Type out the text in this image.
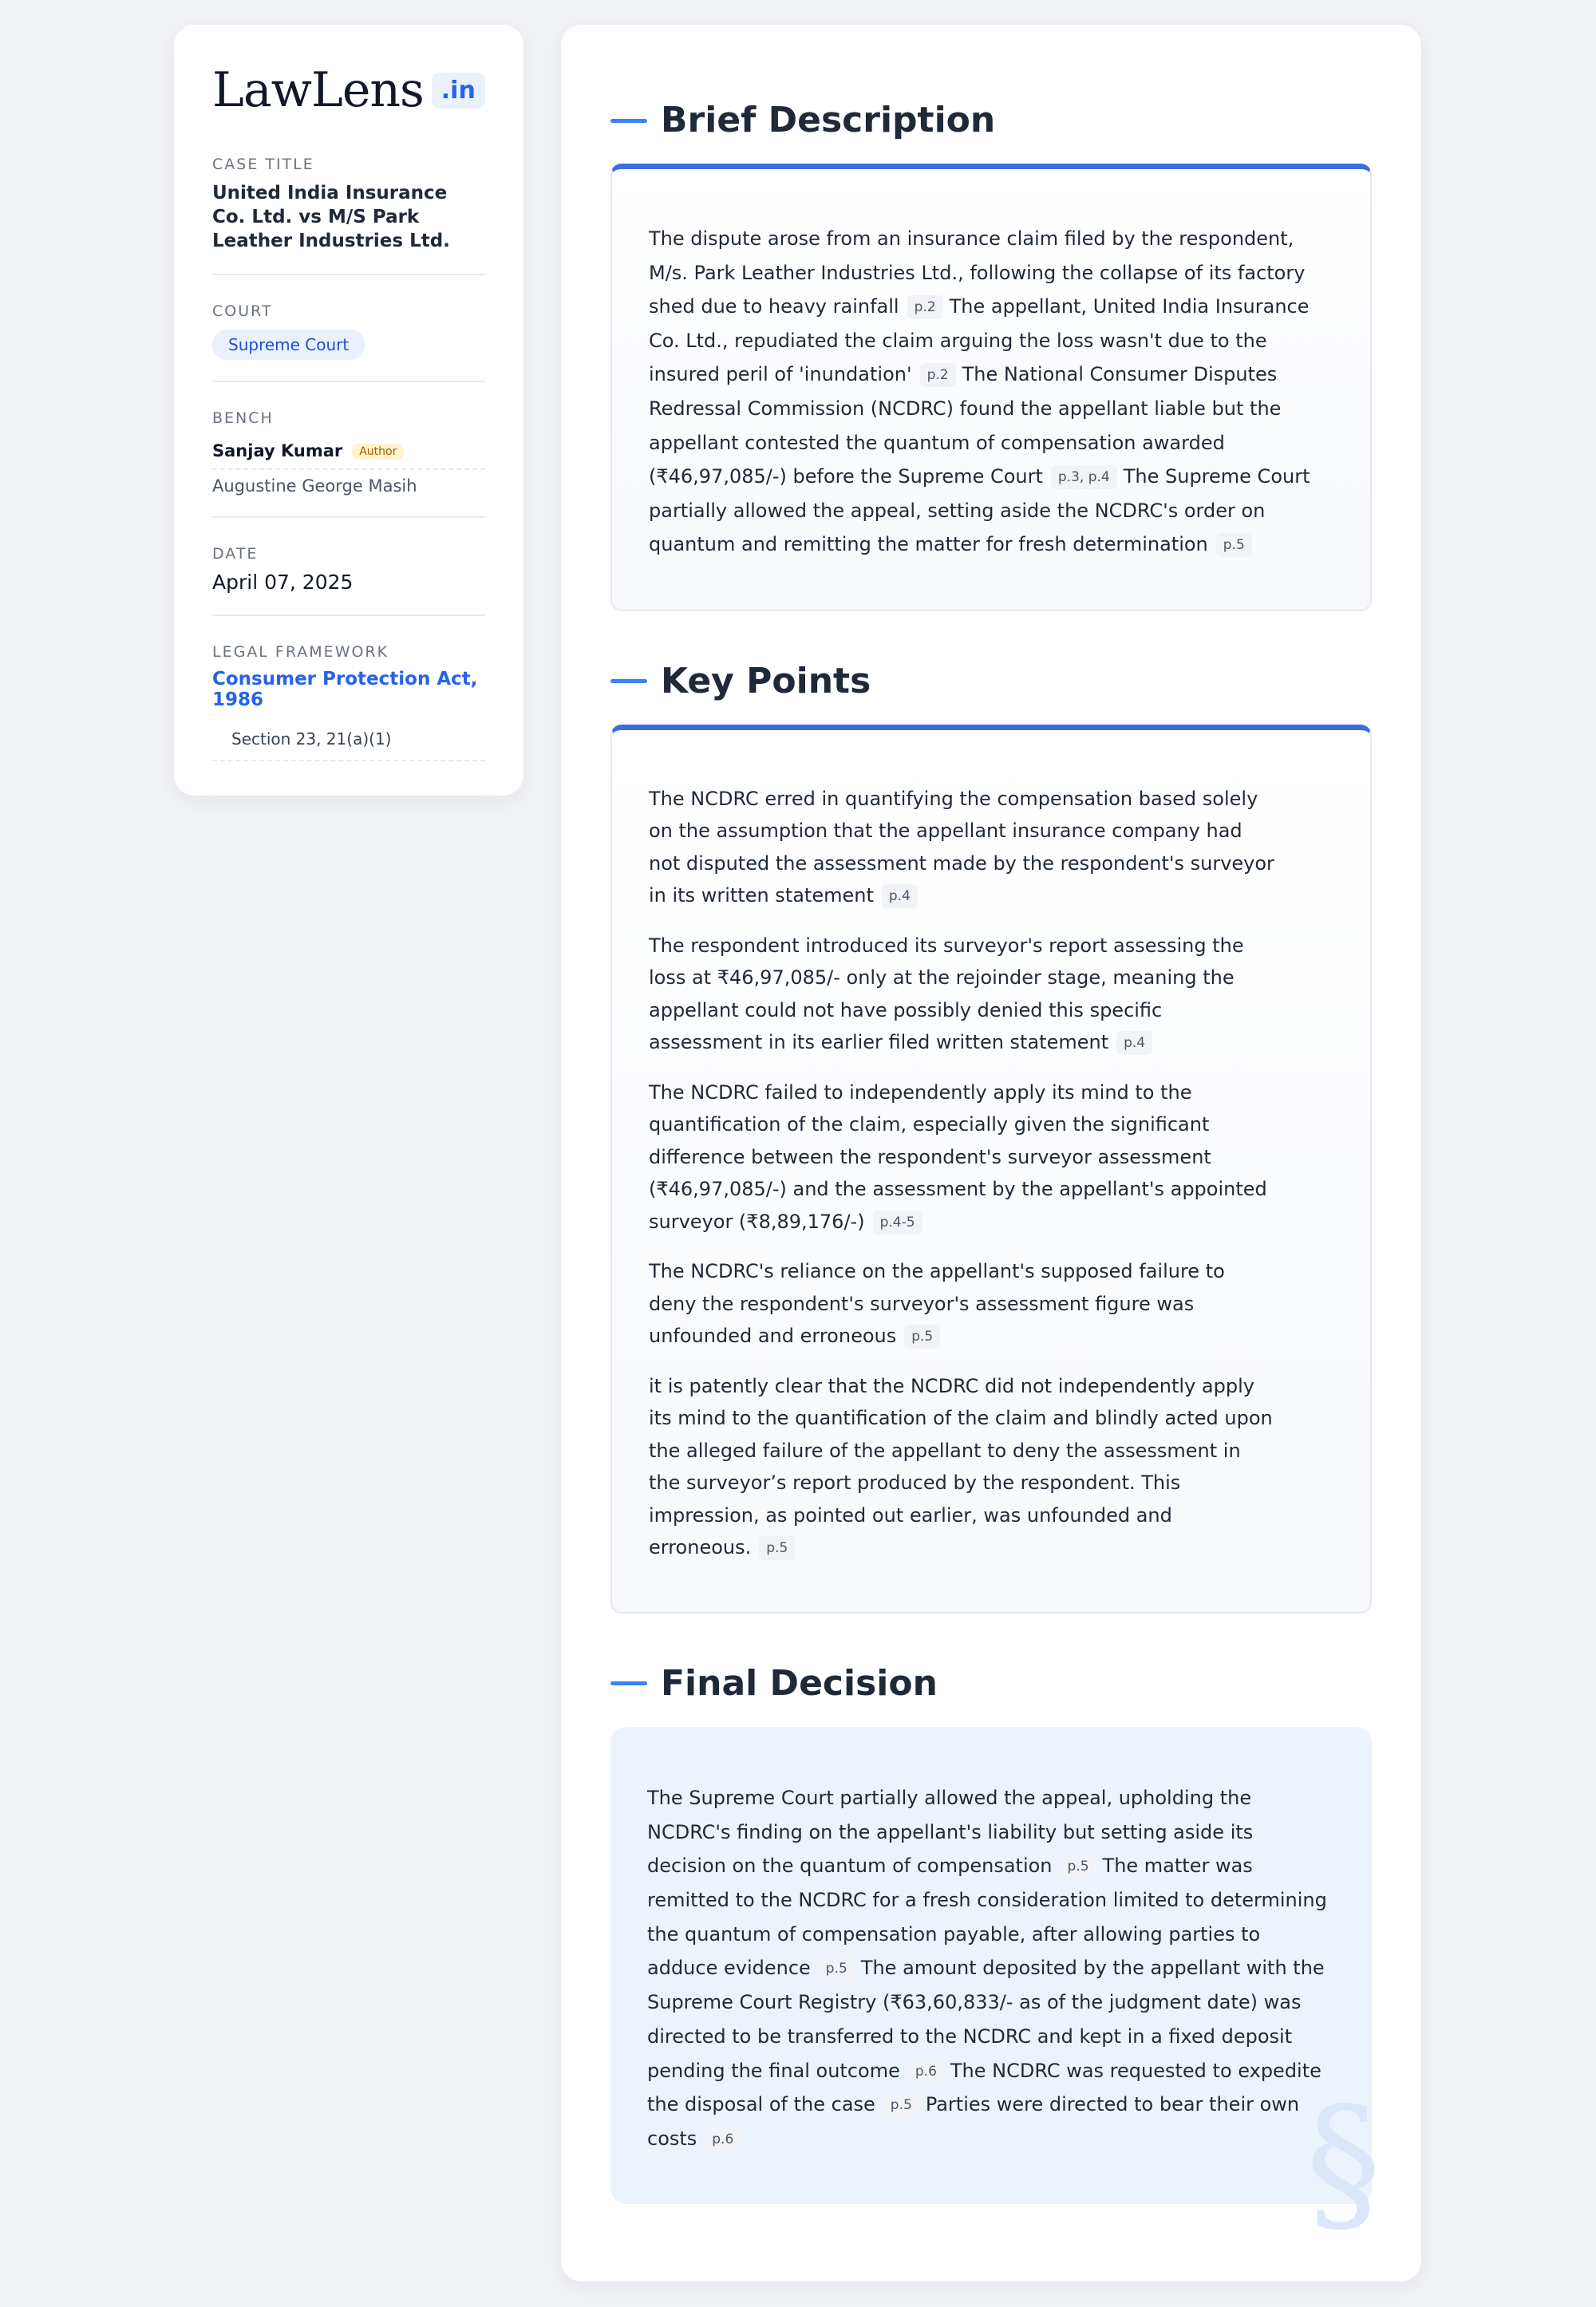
LawLens .in
CASE TITLE
United India Insurance Co. Ltd. vs M/S Park Leather Industries Ltd.
COURT
Supreme Court
BENCH
Sanjay Kumar Author
Augustine George Masih
DATE
April 07, 2025
LEGAL FRAMEWORK
Consumer Protection Act, 1986
Section 23, 21(a)(1)
Brief Description

The dispute arose from an insurance claim filed by the respondent, M/s. Park Leather Industries Ltd., following the collapse of its factory shed due to heavy rainfall p.2 The appellant, United India Insurance Co. Ltd., repudiated the claim arguing the loss wasn't due to the insured peril of 'inundation' p.2 The National Consumer Disputes Redressal Commission (NCDRC) found the appellant liable but the appellant contested the quantum of compensation awarded (₹46,97,085/-) before the Supreme Court p.3, p.4 The Supreme Court partially allowed the appeal, setting aside the NCDRC's order on quantum and remitting the matter for fresh determination p.5

Key Points

The NCDRC erred in quantifying the compensation based solely on the assumption that the appellant insurance company had not disputed the assessment made by the respondent's surveyor in its written statement p.4

The respondent introduced its surveyor's report assessing the loss at ₹46,97,085/- only at the rejoinder stage, meaning the appellant could not have possibly denied this specific assessment in its earlier filed written statement p.4

The NCDRC failed to independently apply its mind to the quantification of the claim, especially given the significant difference between the respondent's surveyor assessment (₹46,97,085/-) and the assessment by the appellant's appointed surveyor (₹8,89,176/-) p.4-5

The NCDRC's reliance on the appellant's supposed failure to deny the respondent's surveyor's assessment figure was unfounded and erroneous p.5

it is patently clear that the NCDRC did not independently apply its mind to the quantification of the claim and blindly acted upon the alleged failure of the appellant to deny the assessment in the surveyor’s report produced by the respondent. This impression, as pointed out earlier, was unfounded and erroneous. p.5

Final Decision

The Supreme Court partially allowed the appeal, upholding the NCDRC's finding on the appellant's liability but setting aside its decision on the quantum of compensation p.5 The matter was remitted to the NCDRC for a fresh consideration limited to determining the quantum of compensation payable, after allowing parties to adduce evidence p.5 The amount deposited by the appellant with the Supreme Court Registry (₹63,60,833/- as of the judgment date) was directed to be transferred to the NCDRC and kept in a fixed deposit pending the final outcome p.6 The NCDRC was requested to expedite the disposal of the case p.5 Parties were directed to bear their own costs p.6	§
